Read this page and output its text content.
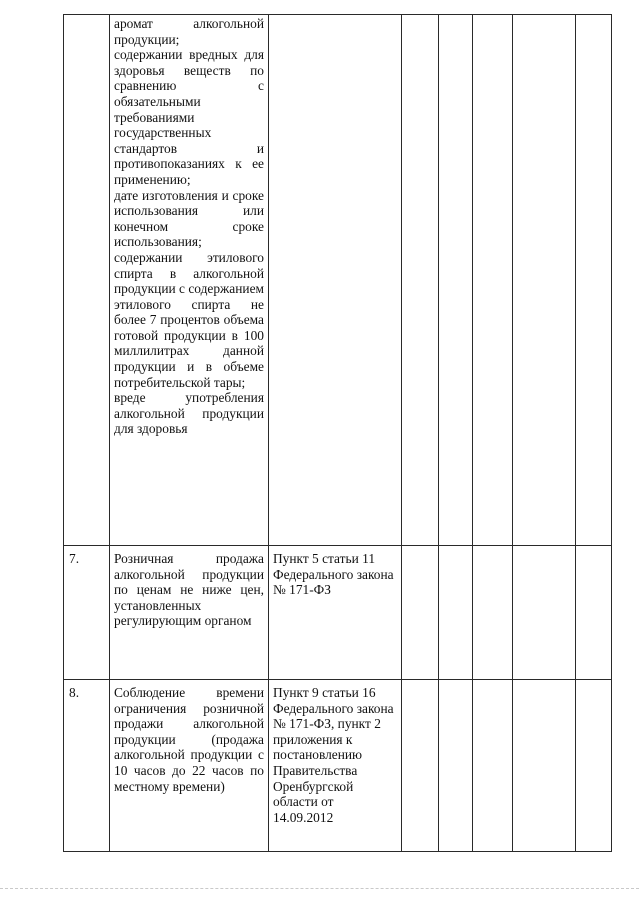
	аромат алкогольной продукции;
содержании вредных для здоровья веществ по сравнению с обязательными требованиями государственных стандартов и противопоказаниях к ее применению;
дате изготовления и сроке использования или конечном сроке использования;
содержании этилового спирта в алкогольной продукции с содержанием этилового спирта не более 7 процентов объема готовой продукции в 100 миллилитрах данной продукции и в объеме потребительской тары;
вреде употребления алкогольной продукции для здоровья						

7.	Розничная продажа алкогольной продукции по ценам не ниже цен, установленных регулирующим органом	Пункт 5 статьи 11 Федерального закона № 171-ФЗ					
8.	Соблюдение времени ограничения розничной продажи алкогольной продукции (продажа алкогольной продукции с 10 часов до 22 часов по местному времени)	Пункт 9 статьи 16 Федерального закона № 171-ФЗ, пункт 2 приложения к постановлению Правительства Оренбургской области от 14.09.2012					
